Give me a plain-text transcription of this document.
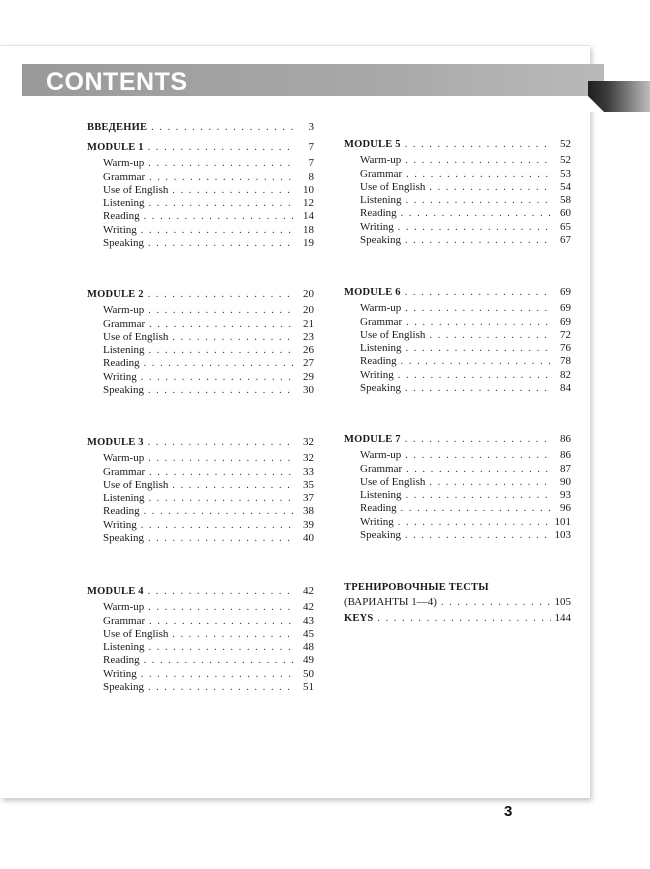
CONTENTS
ВВЕДЕНИЕ . . .	3
MODULE 1 . . .	7
Warm-up . . .	7
Grammar . . .	8
Use of English . . .	10
Listening . . .	12
Reading . . .	14
Writing . . .	18
Speaking . . .	19
MODULE 2 . . .	20
Warm-up . . .	20
Grammar . . .	21
Use of English . . .	23
Listening . . .	26
Reading . . .	27
Writing . . .	29
Speaking . . .	30
MODULE 3 . . .	32
Warm-up . . .	32
Grammar . . .	33
Use of English . . .	35
Listening . . .	37
Reading . . .	38
Writing . . .	39
Speaking . . .	40
MODULE 4 . . .	42
Warm-up . . .	42
Grammar . . .	43
Use of English . . .	45
Listening . . .	48
Reading . . .	49
Writing . . .	50
Speaking . . .	51
MODULE 5 . . .	52
Warm-up . . .	52
Grammar . . .	53
Use of English . . .	54
Listening . . .	58
Reading . . .	60
Writing . . .	65
Speaking . . .	67
MODULE 6 . . .	69
Warm-up . . .	69
Grammar . . .	69
Use of English . . .	72
Listening . . .	76
Reading . . .	78
Writing . . .	82
Speaking . . .	84
MODULE 7 . . .	86
Warm-up . . .	86
Grammar . . .	87
Use of English . . .	90
Listening . . .	93
Reading . . .	96
Writing . . .	101
Speaking . . .	103
ТРЕНИРОВОЧНЫЕ ТЕСТЫ
(ВАРИАНТЫ 1—4) . . .	105
KEYS . . .	144

3
